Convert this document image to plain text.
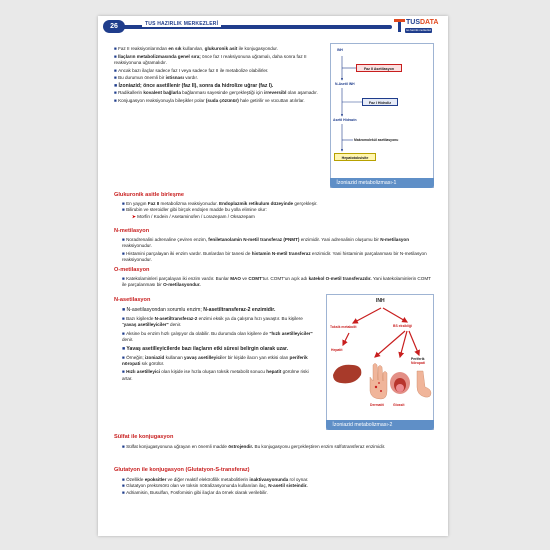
26	TUS HAZIRLIK MERKEZLERİ	TUSDATA
tus hazırlık merkezleri
■ Faz II reaksiyonlarından en sık kullanılan, glukuronik asit ile konjugasyondur.
■ İlaçların metabolizmasında genel sıra; önce faz I reaksiyonuna uğramalı, daha sonra faz II reaksiyonuna uğramalıdır.
■ Ancak bazı ilaçlar sadece faz I veya sadece faz II ile metabolize olabilirler.
■ Bu durumun önemli bir istisnası vardır.
■ İzoniazid; önce asetillenir (faz II), sonra da hidrolize uğrar (faz I).
■ Radikallerin kovalent bağlarla bağlanması sayesinde gerçekleştiği için irreversibl olan aşamadır.
■ Konjugasyon reaksiyonuyla bileşikler polar (suda çözünür) hale getirilir ve vücuttan atılırlar.
INH
Faz II Asetilasyon
N-Asetil INH
Faz I Hidroliz
Asetil Hidrazin
Makromolekül asetilasyonu
Hepatotoksisite
İzoniazid metabolizması-1
Glukuronik asitle birleşme
■ En yaygın Faz II metabolizma reaksiyonudur. Endoplazmik retikulum düzeyinde gerçekleşir.
■ Bilirubin ve steroidler gibi birçok endojen madde bu yolla elimine olur:
➤ Morfin / Kodein / Asetaminofen / Lorazepam / Oksazepam
N-metilasyon
■ Noradrenalini adrenaline çeviren enzim, feniletanolamin N-metil transferaz (PNMT) enzimidir. Yani adrenalinin oluşumu bir N-metilasyon reaksiyonudur.
■ Histamini parçalayan iki enzim vardır. Bunlardan bir tanesi de histamin N-metil transferaz enzimidir. Yani histaminin parçalanması bir N-metilasyon reaksiyonudur.
O-metilasyon
■ Katekolaminleri parçalayan iki enzim vardır. Bunlar MAO ve COMT'tur. COMT'un açık adı katekol O-metil transferazdır. Yani katekolaminlerin COMT ile parçalanması bir O-metilasyondur.
N-asetilasyon
■ N-asetilasyondan sorumlu enzim; N-asetiltransferaz-2 enzimidir.
■ Bazı kişilerde N-asetiltransferaz-2 enzimi eksik ya da çalışma hızı yavaştır. Bu kişilere "yavaş asetilleyiciler" denir.
■ Aksine bu enzim hızlı çalışıyor da olabilir. Bu durumda olan kişilere de "hızlı asetilleyiciler" denir.
■ Yavaş asetilleyicilerde bazı ilaçların etki süresi belirgin olarak uzar.
■ Örneğin; izoniazid kullanan yavaş asetilleyiciler bir kişide ilacın yan etkisi olan periferik nöropati sık görülür.
■ Hızlı asetilleyici olan kişide ise hızla oluşan toksik metabolit sonucu hepatit görülme riski artar.
INH
Toksik metabolit	BS eksikliği
Hepatit
Periferik
Nöropati
Dermatit	Glossit
İzoniazid metabolizması-2
Sülfat ile konjugasyon
■ Sülfat konjugasyonuna uğrayan en önemli madde östrojendir. Bu konjugasyonu gerçekleştiren enzim sülfotransferaz enzimidir.
Glutatyon ile konjugasyon (Glutatyon-S-transferaz)
■ Özellikle epoksitler ve diğer reaktif elektrofilik metabolitlerin inaktivasyonunda rol oynar.
■ Glutatyon prekürsörü olan ve toksin nötralizasyonunda kullanılan ilaç, N-asetil sisteindir.
■ Adriamisin, Busulfan, Fosfomisin gibi ilaçlar da örnek olarak verilebilir.
